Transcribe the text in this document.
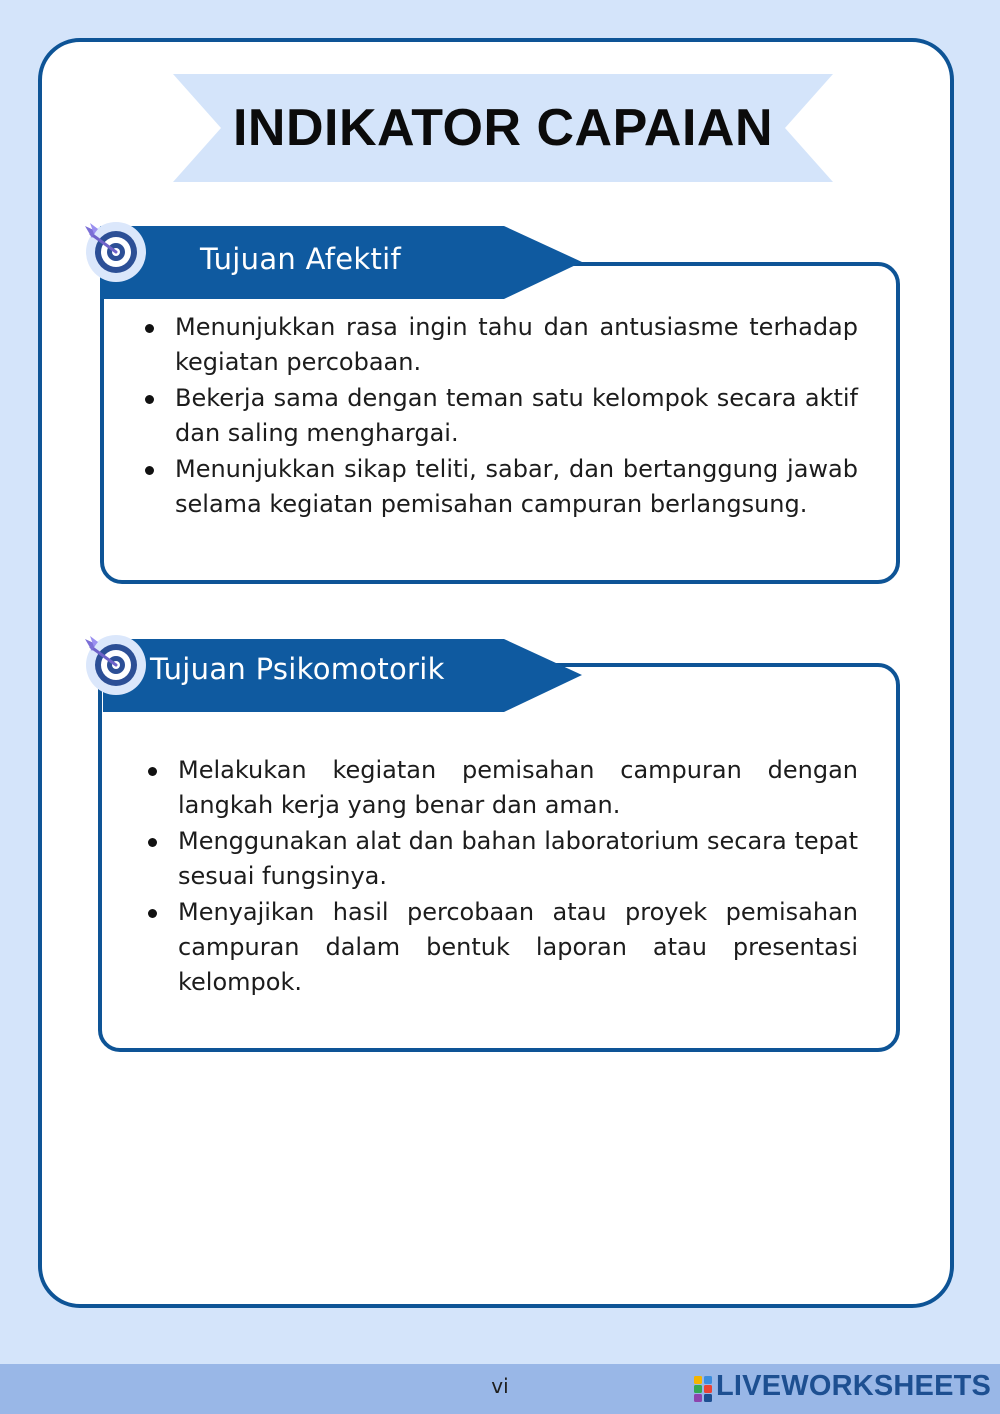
INDIKATOR CAPAIAN
Tujuan Afektif
Menunjukkan rasa ingin tahu dan antusiasme terhadap kegiatan percobaan.
Bekerja sama dengan teman satu kelompok secara aktif dan saling menghargai.
Menunjukkan sikap teliti, sabar, dan bertanggung jawab selama kegiatan pemisahan campuran berlangsung.
Tujuan Psikomotorik
Melakukan kegiatan pemisahan campuran dengan langkah kerja yang benar dan aman.
Menggunakan alat dan bahan laboratorium secara tepat sesuai fungsinya.
Menyajikan hasil percobaan atau proyek pemisahan campuran dalam bentuk laporan atau presentasi kelompok.
vi	LIVEWORKSHEETS
